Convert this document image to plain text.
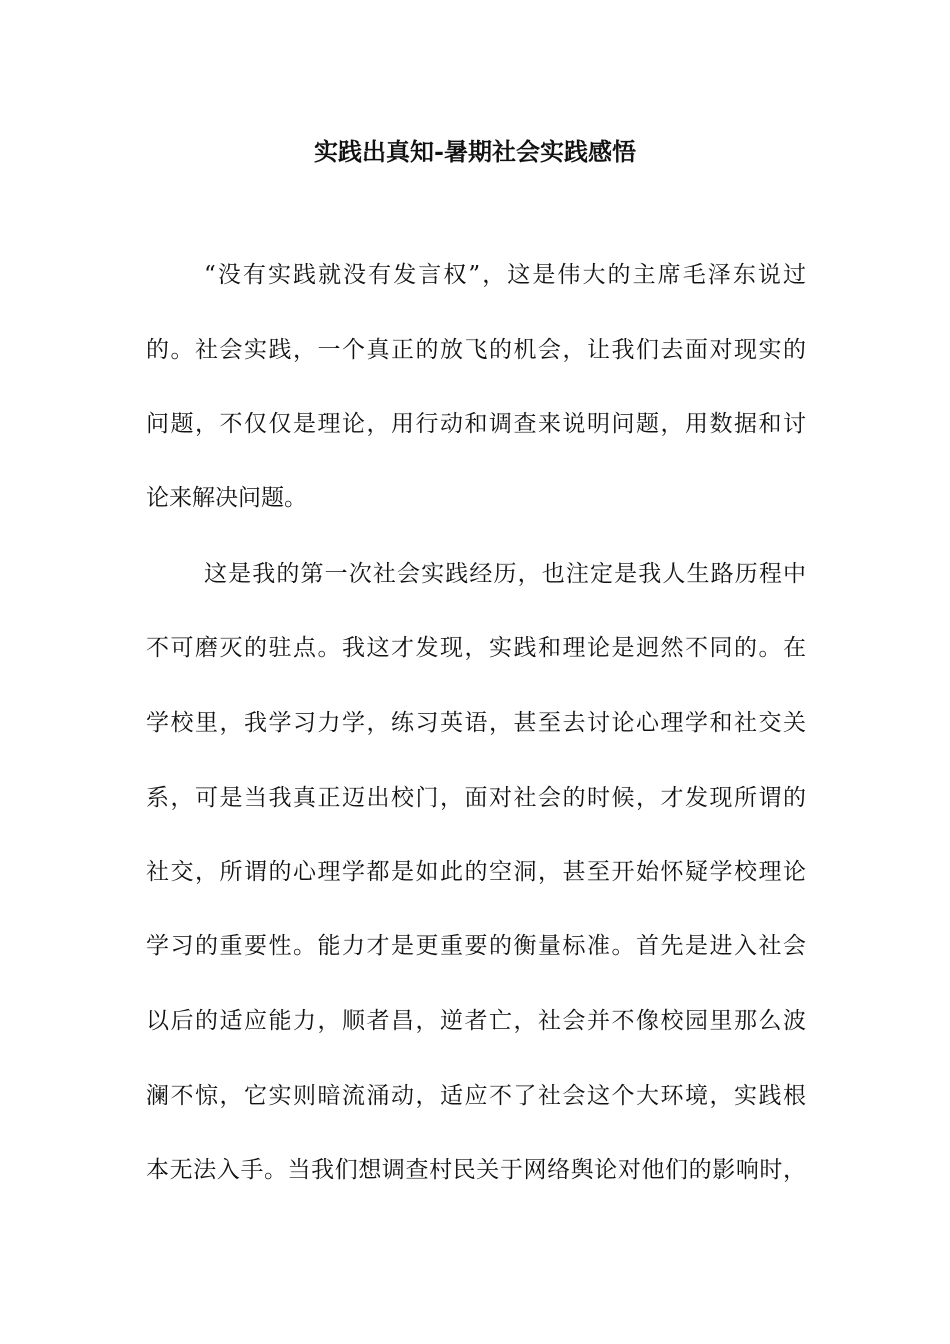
实践出真知-暑期社会实践感悟

“没有实践就没有发言权”，这是伟大的主席毛泽东说过

的。社会实践，一个真正的放飞的机会，让我们去面对现实的

问题，不仅仅是理论，用行动和调查来说明问题，用数据和讨

论来解决问题。

这是我的第一次社会实践经历，也注定是我人生路历程中

不可磨灭的驻点。我这才发现，实践和理论是迥然不同的。在

学校里，我学习力学，练习英语，甚至去讨论心理学和社交关

系，可是当我真正迈出校门，面对社会的时候，才发现所谓的

社交，所谓的心理学都是如此的空洞，甚至开始怀疑学校理论

学习的重要性。能力才是更重要的衡量标准。首先是进入社会

以后的适应能力，顺者昌，逆者亡，社会并不像校园里那么波

澜不惊，它实则暗流涌动，适应不了社会这个大环境，实践根

本无法入手。当我们想调查村民关于网络舆论对他们的影响时，
